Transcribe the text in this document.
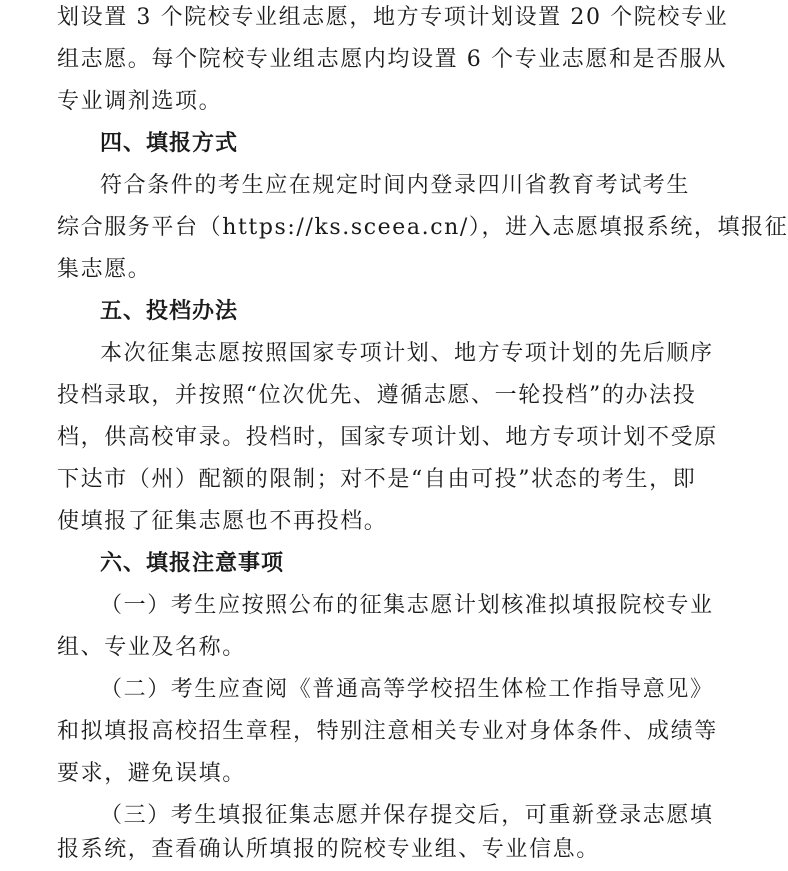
划设置 3 个院校专业组志愿，地方专项计划设置 20 个院校专业
组志愿。每个院校专业组志愿内均设置 6 个专业志愿和是否服从
专业调剂选项。
四、填报方式
符合条件的考生应在规定时间内登录四川省教育考试考生
综合服务平台（https://ks.sceea.cn/），进入志愿填报系统，填报征
集志愿。
五、投档办法
本次征集志愿按照国家专项计划、地方专项计划的先后顺序
投档录取，并按照“位次优先、遵循志愿、一轮投档”的办法投
档，供高校审录。投档时，国家专项计划、地方专项计划不受原
下达市（州）配额的限制；对不是“自由可投”状态的考生，即
使填报了征集志愿也不再投档。
六、填报注意事项
（一）考生应按照公布的征集志愿计划核准拟填报院校专业
组、专业及名称。
（二）考生应查阅《普通高等学校招生体检工作指导意见》
和拟填报高校招生章程，特别注意相关专业对身体条件、成绩等
要求，避免误填。
（三）考生填报征集志愿并保存提交后，可重新登录志愿填
报系统，查看确认所填报的院校专业组、专业信息。
